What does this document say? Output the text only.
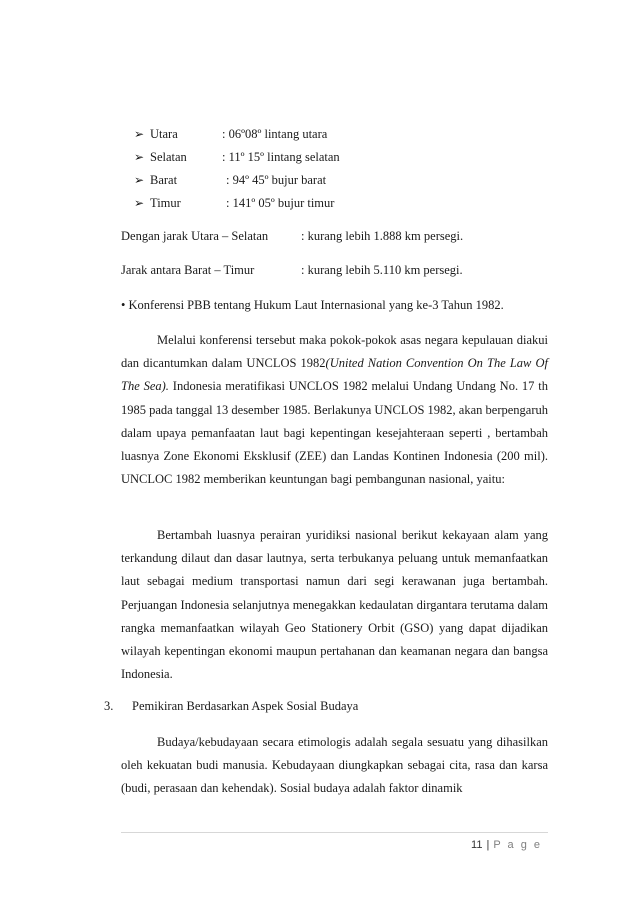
➢ Utara	: 06º08º lintang utara
➢ Selatan	: 11º 15º lintang selatan
➢ Barat	: 94º 45º bujur barat
➢ Timur	: 141º 05º bujur timur
Dengan jarak Utara – Selatan	: kurang lebih 1.888 km persegi.
Jarak antara Barat – Timur	: kurang lebih 5.110 km persegi.
• Konferensi PBB tentang Hukum Laut Internasional yang ke-3 Tahun 1982.

Melalui konferensi tersebut maka pokok-pokok asas negara kepulauan diakui dan dicantumkan dalam UNCLOS 1982(United Nation Convention On The Law Of The Sea). Indonesia meratifikasi UNCLOS 1982 melalui Undang Undang No. 17 th 1985 pada tanggal 13 desember 1985. Berlakunya UNCLOS 1982, akan berpengaruh dalam upaya pemanfaatan laut bagi kepentingan kesejahteraan seperti , bertambah luasnya Zone Ekonomi Eksklusif (ZEE) dan Landas Kontinen Indonesia (200 mil). UNCLOC 1982 memberikan keuntungan bagi pembangunan nasional, yaitu:

Bertambah luasnya perairan yuridiksi nasional berikut kekayaan alam yang terkandung dilaut dan dasar lautnya, serta terbukanya peluang untuk memanfaatkan laut sebagai medium transportasi namun dari segi kerawanan juga bertambah. Perjuangan Indonesia selanjutnya menegakkan kedaulatan dirgantara terutama dalam rangka memanfaatkan wilayah Geo Stationery Orbit (GSO) yang dapat dijadikan wilayah kepentingan ekonomi maupun pertahanan dan keamanan negara dan bangsa Indonesia.

3. Pemikiran Berdasarkan Aspek Sosial Budaya

Budaya/kebudayaan secara etimologis adalah segala sesuatu yang dihasilkan oleh kekuatan budi manusia. Kebudayaan diungkapkan sebagai cita, rasa dan karsa (budi, perasaan dan kehendak). Sosial budaya adalah faktor dinamik

11 | P a g e
